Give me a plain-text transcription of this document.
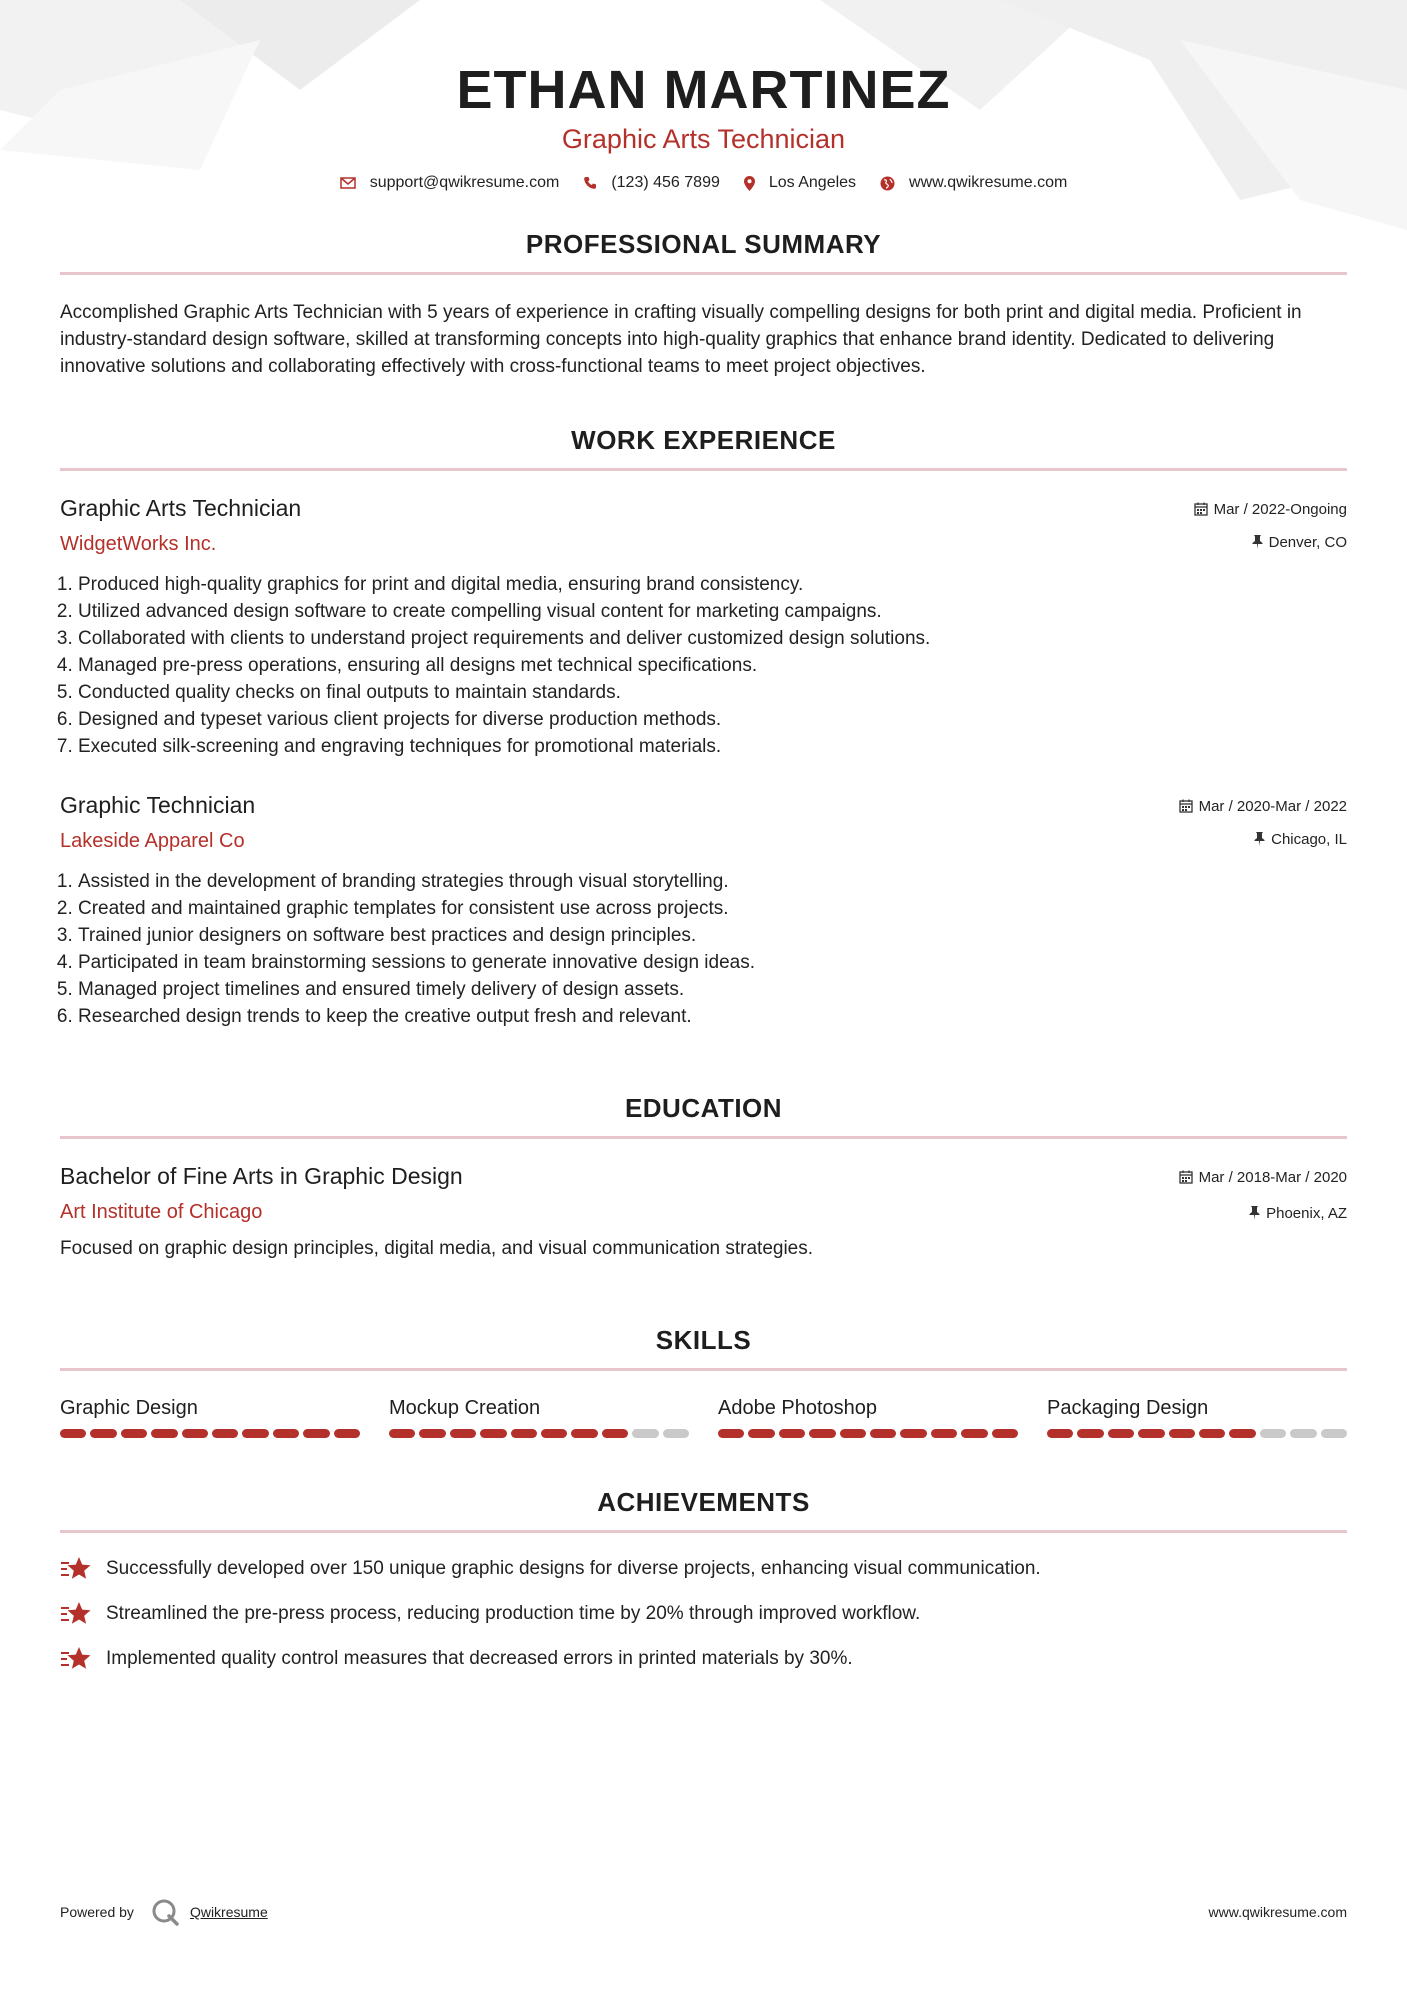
ETHAN MARTINEZ
Graphic Arts Technician
support@qwikresume.com	(123) 456 7899	Los Angeles	www.qwikresume.com
PROFESSIONAL SUMMARY
Accomplished Graphic Arts Technician with 5 years of experience in crafting visually compelling designs for both print and digital media. Proficient in industry-standard design software, skilled at transforming concepts into high-quality graphics that enhance brand identity. Dedicated to delivering innovative solutions and collaborating effectively with cross-functional teams to meet project objectives.
WORK EXPERIENCE
Graphic Arts Technician
WidgetWorks Inc.
Mar / 2022-Ongoing
Denver, CO
1. Produced high-quality graphics for print and digital media, ensuring brand consistency.
2. Utilized advanced design software to create compelling visual content for marketing campaigns.
3. Collaborated with clients to understand project requirements and deliver customized design solutions.
4. Managed pre-press operations, ensuring all designs met technical specifications.
5. Conducted quality checks on final outputs to maintain standards.
6. Designed and typeset various client projects for diverse production methods.
7. Executed silk-screening and engraving techniques for promotional materials.
Graphic Technician
Lakeside Apparel Co
Mar / 2020-Mar / 2022
Chicago, IL
1. Assisted in the development of branding strategies through visual storytelling.
2. Created and maintained graphic templates for consistent use across projects.
3. Trained junior designers on software best practices and design principles.
4. Participated in team brainstorming sessions to generate innovative design ideas.
5. Managed project timelines and ensured timely delivery of design assets.
6. Researched design trends to keep the creative output fresh and relevant.
EDUCATION
Bachelor of Fine Arts in Graphic Design
Art Institute of Chicago
Mar / 2018-Mar / 2020
Phoenix, AZ
Focused on graphic design principles, digital media, and visual communication strategies.
SKILLS
Graphic Design	Mockup Creation	Adobe Photoshop	Packaging Design
ACHIEVEMENTS
Successfully developed over 150 unique graphic designs for diverse projects, enhancing visual communication.
Streamlined the pre-press process, reducing production time by 20% through improved workflow.
Implemented quality control measures that decreased errors in printed materials by 30%.
Powered by	Qwikresume	www.qwikresume.com
